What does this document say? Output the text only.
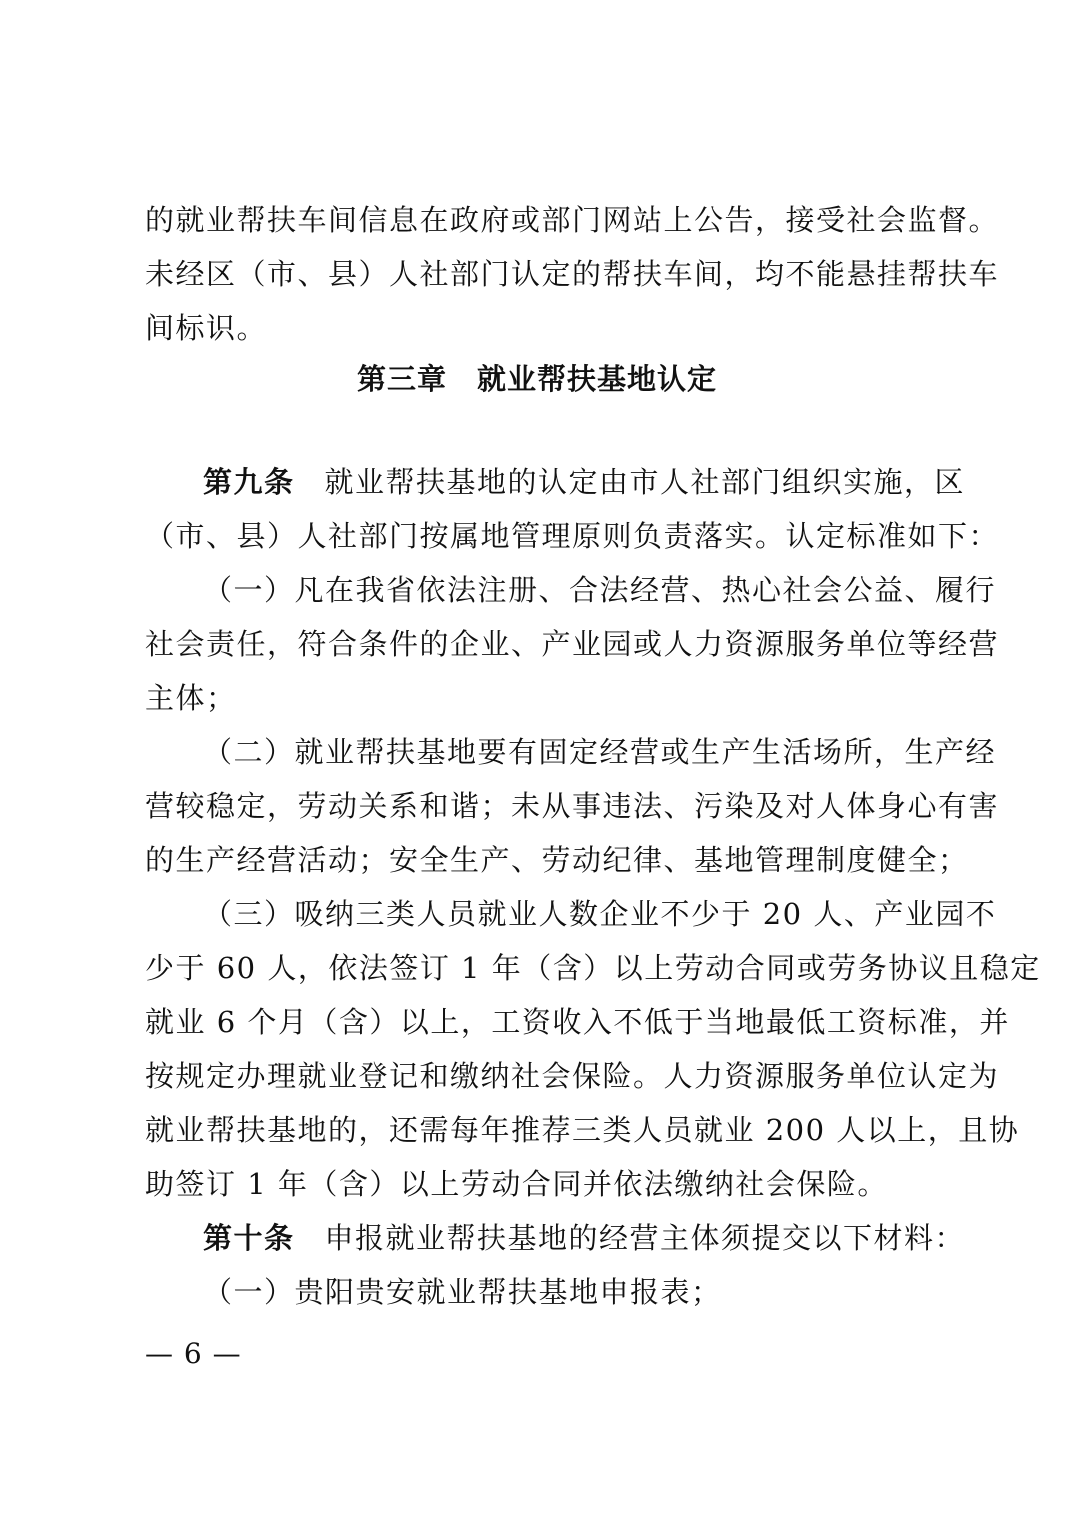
的就业帮扶车间信息在政府或部门网站上公告，接受社会监督。
未经区（市、县）人社部门认定的帮扶车间，均不能悬挂帮扶车
间标识。
第三章　就业帮扶基地认定
第九条 就业帮扶基地的认定由市人社部门组织实施，区
（市、县）人社部门按属地管理原则负责落实。认定标准如下：
（一）凡在我省依法注册、合法经营、热心社会公益、履行
社会责任，符合条件的企业、产业园或人力资源服务单位等经营
主体；
（二）就业帮扶基地要有固定经营或生产生活场所，生产经
营较稳定，劳动关系和谐；未从事违法、污染及对人体身心有害
的生产经营活动；安全生产、劳动纪律、基地管理制度健全；
（三）吸纳三类人员就业人数企业不少于 20 人、产业园不
少于 60 人，依法签订 1 年（含）以上劳动合同或劳务协议且稳定
就业 6 个月（含）以上，工资收入不低于当地最低工资标准，并
按规定办理就业登记和缴纳社会保险。人力资源服务单位认定为
就业帮扶基地的，还需每年推荐三类人员就业 200 人以上，且协
助签订 1 年（含）以上劳动合同并依法缴纳社会保险。
第十条 申报就业帮扶基地的经营主体须提交以下材料：
（一）贵阳贵安就业帮扶基地申报表；
— 6 —
